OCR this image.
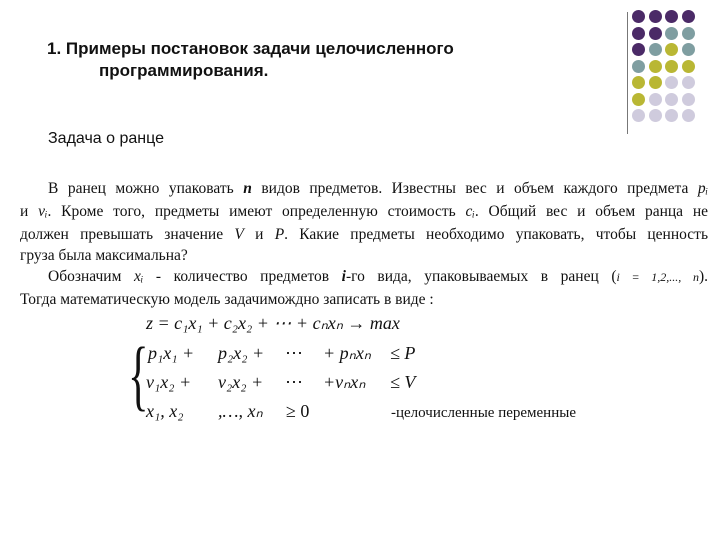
1. Примеры постановок задачи целочисленного
программирования.
Задача о ранце
В ранец можно упаковать n видов предметов. Известны вес и объем каждого предмета pᵢ
и vᵢ. Кроме того, предметы имеют определенную стоимость cᵢ. Общий вес и объем ранца не
должен превышать значение V и P. Какие предметы необходимо упаковать, чтобы ценность
груза была максимальна?
Обозначим xᵢ - количество предметов i-го вида, упаковываемых в ранец (i = 1,2,..., n).
Тогда математическую модель задачимождно записать в виде :
z = c₁x₁ + c₂x₂ + ⋯ + cₙxₙ → max
{ p₁x₁ + p₂x₂ + ⋯ + pₙxₙ ≤ P
v₁x₂ + v₂x₂ + ⋯ +vₙxₙ ≤ V
x₁, x₂ ,…, xₙ ≥ 0	-целочисленные переменные
